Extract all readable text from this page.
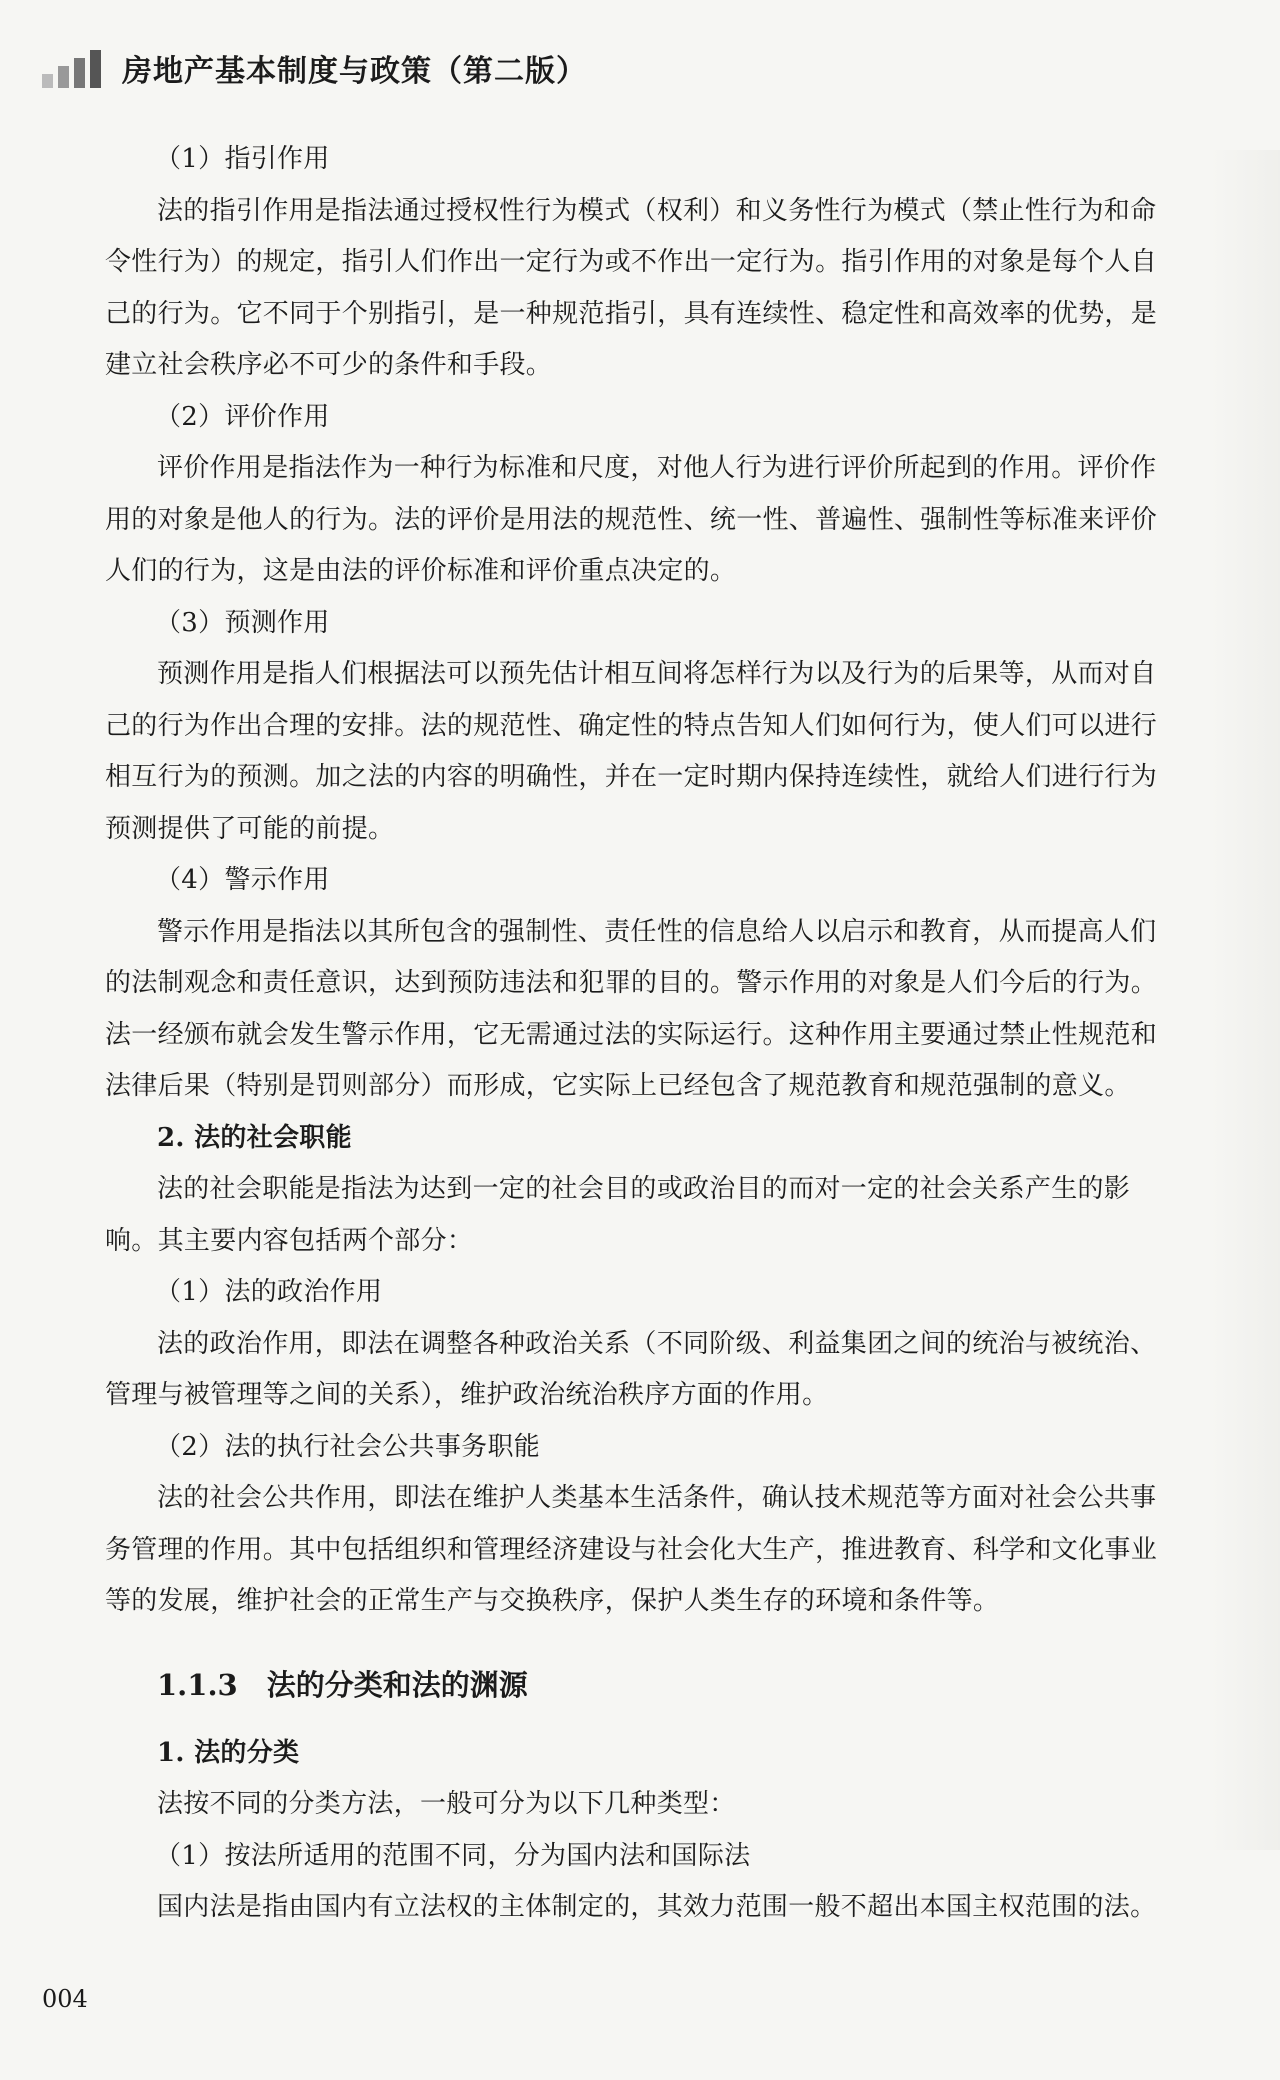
房地产基本制度与政策（第二版）
（1）指引作用
法的指引作用是指法通过授权性行为模式（权利）和义务性行为模式（禁止性行为和命
令性行为）的规定，指引人们作出一定行为或不作出一定行为。指引作用的对象是每个人自
己的行为。它不同于个别指引，是一种规范指引，具有连续性、稳定性和高效率的优势，是
建立社会秩序必不可少的条件和手段。
（2）评价作用
评价作用是指法作为一种行为标准和尺度，对他人行为进行评价所起到的作用。评价作
用的对象是他人的行为。法的评价是用法的规范性、统一性、普遍性、强制性等标准来评价
人们的行为，这是由法的评价标准和评价重点决定的。
（3）预测作用
预测作用是指人们根据法可以预先估计相互间将怎样行为以及行为的后果等，从而对自
己的行为作出合理的安排。法的规范性、确定性的特点告知人们如何行为，使人们可以进行
相互行为的预测。加之法的内容的明确性，并在一定时期内保持连续性，就给人们进行行为
预测提供了可能的前提。
（4）警示作用
警示作用是指法以其所包含的强制性、责任性的信息给人以启示和教育，从而提高人们
的法制观念和责任意识，达到预防违法和犯罪的目的。警示作用的对象是人们今后的行为。
法一经颁布就会发生警示作用，它无需通过法的实际运行。这种作用主要通过禁止性规范和
法律后果（特别是罚则部分）而形成，它实际上已经包含了规范教育和规范强制的意义。
2. 法的社会职能
法的社会职能是指法为达到一定的社会目的或政治目的而对一定的社会关系产生的影
响。其主要内容包括两个部分：
（1）法的政治作用
法的政治作用，即法在调整各种政治关系（不同阶级、利益集团之间的统治与被统治、
管理与被管理等之间的关系），维护政治统治秩序方面的作用。
（2）法的执行社会公共事务职能
法的社会公共作用，即法在维护人类基本生活条件，确认技术规范等方面对社会公共事
务管理的作用。其中包括组织和管理经济建设与社会化大生产，推进教育、科学和文化事业
等的发展，维护社会的正常生产与交换秩序，保护人类生存的环境和条件等。
1.1.3　法的分类和法的渊源
1. 法的分类
法按不同的分类方法，一般可分为以下几种类型：
（1）按法所适用的范围不同，分为国内法和国际法
国内法是指由国内有立法权的主体制定的，其效力范围一般不超出本国主权范围的法。
004
